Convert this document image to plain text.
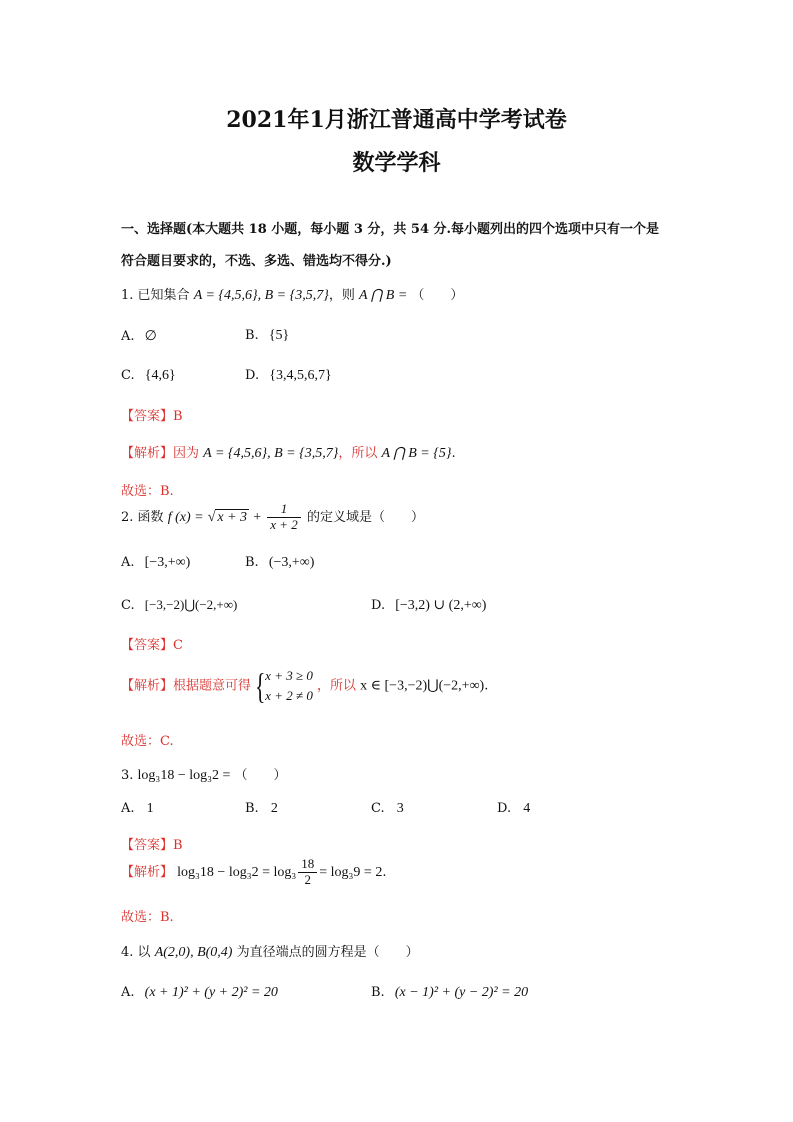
2021年1月浙江普通高中学考试卷
数学学科
一、选择题(本大题共 18 小题，每小题 3 分，共 54 分.每小题列出的四个选项中只有一个是
符合题目要求的，不选、多选、错选均不得分.)
1. 已知集合 A = {4,5,6}, B = {3,5,7}，则 A ⋂ B = （　　）
A. ∅	B. {5}
C. {4,6}	D. {3,4,5,6,7}
【答案】B
【解析】因为 A = {4,5,6}, B = {3,5,7}，所以 A ⋂ B = {5}.
故选：B.
2. 函数 f (x) = √ $x + 3 + \frac{1}{x + 2}$ 的定义域是（　　）
A. [−3,+∞)	B. (−3,+∞)
C. [−3,−2)⋃(−2,+∞)	D. [−3,2) ∪ (2,+∞)
【答案】C
【解析】根据题意可得 { x + 3 ≥ 0
x + 2 ≠ 0
，所以 x ∈ [−3,−2)⋃(−2,+∞).
故选：C.
3. log₃18 − log₃2 = （　　）
A. 1	B. 2	C. 3	D. 4
【答案】B
【解析】 $\log_318 - \log_32 = \log_3 \frac{18}{2} = \log_39 = 2$.
故选：B.
4. 以 A(2,0), B(0,4) 为直径端点的圆方程是（　　）
A. (x + 1)² + (y + 2)² = 20	B. (x − 1)² + (y − 2)² = 20
